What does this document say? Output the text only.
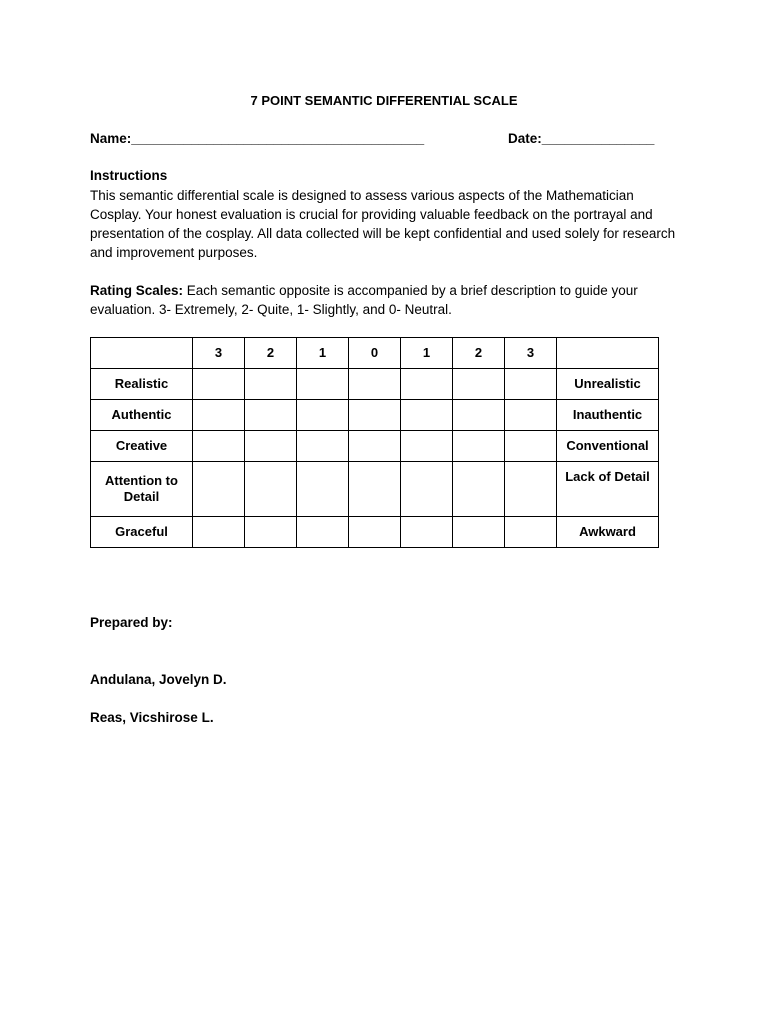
7 POINT SEMANTIC DIFFERENTIAL SCALE
Name:_______________________________________	Date:_______________
Instructions
This semantic differential scale is designed to assess various aspects of the Mathematician Cosplay. Your honest evaluation is crucial for providing valuable feedback on the portrayal and presentation of the cosplay. All data collected will be kept confidential and used solely for research and improvement purposes.
Rating Scales: Each semantic opposite is accompanied by a brief description to guide your evaluation. 3- Extremely, 2- Quite, 1- Slightly, and 0- Neutral.
	3	2	1	0	1	2	3	
Realistic								Unrealistic
Authentic								Inauthentic
Creative								Conventional
Attention to Detail								Lack of Detail
Graceful								Awkward
Prepared by:
Andulana, Jovelyn D.
Reas, Vicshirose L.
